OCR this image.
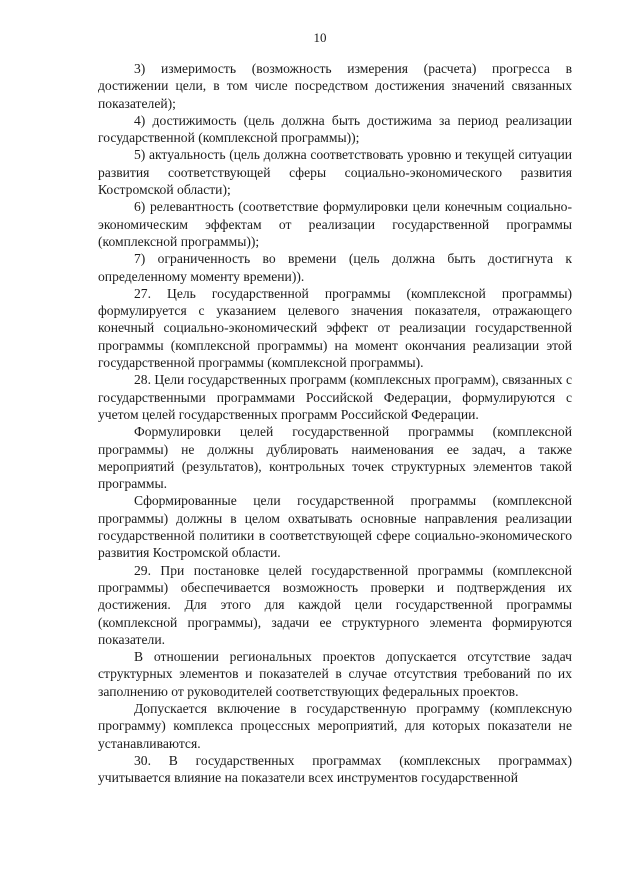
10

3) измеримость (возможность измерения (расчета) прогресса в достижении цели, в том числе посредством достижения значений связанных показателей);

4) достижимость (цель должна быть достижима за период реализации государственной (комплексной программы));

5) актуальность (цель должна соответствовать уровню и текущей ситуации развития соответствующей сферы социально-экономического развития Костромской области);

6) релевантность (соответствие формулировки цели конечным социально-экономическим эффектам от реализации государственной программы (комплексной программы));

7) ограниченность во времени (цель должна быть достигнута к определенному моменту времени)).

27. Цель государственной программы (комплексной программы) формулируется с указанием целевого значения показателя, отражающего конечный социально-экономический эффект от реализации государственной программы (комплексной программы) на момент окончания реализации этой государственной программы (комплексной программы).

28. Цели государственных программ (комплексных программ), связанных с государственными программами Российской Федерации, формулируются с учетом целей государственных программ Российской Федерации.

Формулировки целей государственной программы (комплексной программы) не должны дублировать наименования ее задач, а также мероприятий (результатов), контрольных точек структурных элементов такой программы.

Сформированные цели государственной программы (комплексной программы) должны в целом охватывать основные направления реализации государственной политики в соответствующей сфере социально-экономического развития Костромской области.

29. При постановке целей государственной программы (комплексной программы) обеспечивается возможность проверки и подтверждения их достижения. Для этого для каждой цели государственной программы (комплексной программы), задачи ее структурного элемента формируются показатели.

В отношении региональных проектов допускается отсутствие задач структурных элементов и показателей в случае отсутствия требований по их заполнению от руководителей соответствующих федеральных проектов.

Допускается включение в государственную программу (комплексную программу) комплекса процессных мероприятий, для которых показатели не устанавливаются.

30. В государственных программах (комплексных программах) учитывается влияние на показатели всех инструментов государственной
